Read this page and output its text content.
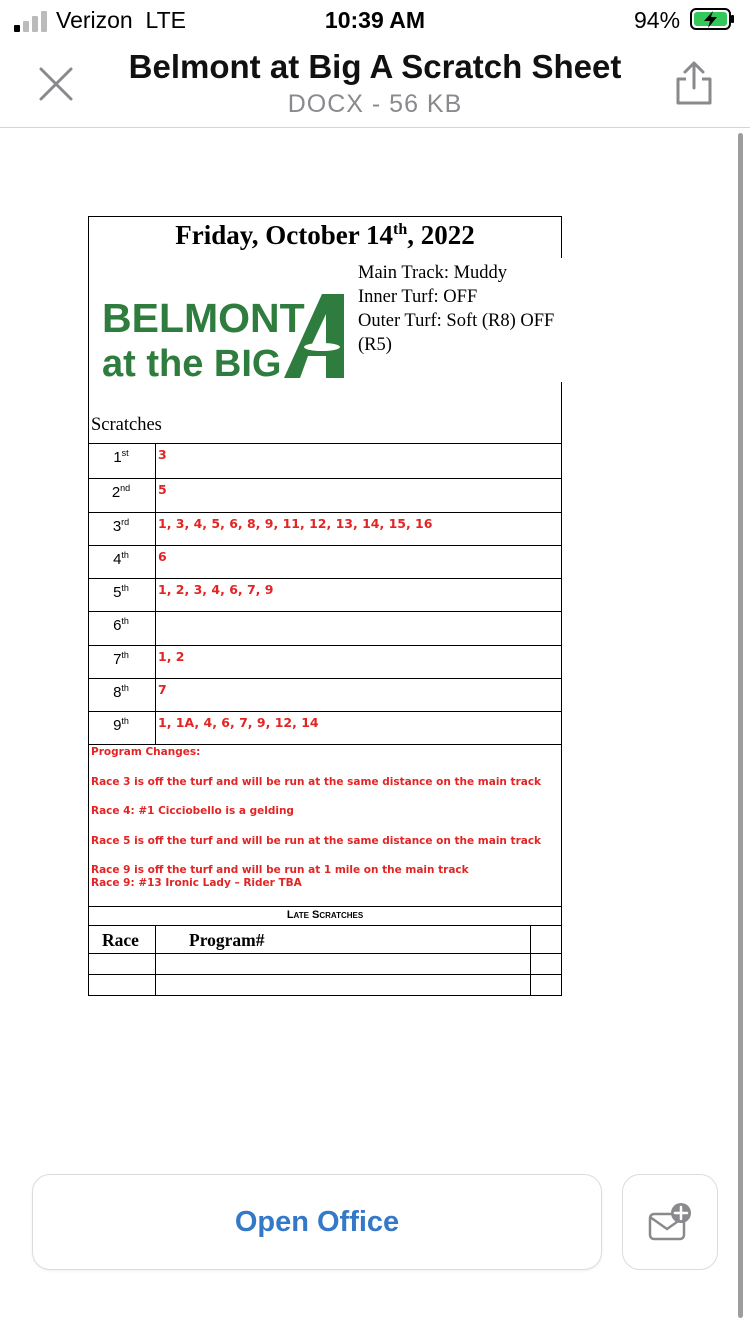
Verizon  LTE	10:39 AM	94%
Belmont at Big A Scratch Sheet
DOCX - 56 KB
Friday, October 14th, 2022
Main Track: Muddy
Inner Turf: OFF
Outer Turf: Soft (R8) OFF (R5)
BELMONT
at the BIG
Scratches
1st	3
2nd	5
3rd	1, 3, 4, 5, 6, 8, 9, 11, 12, 13, 14, 15, 16
4th	6
5th	1, 2, 3, 4, 6, 7, 9
6th
7th	1, 2
8th	7
9th	1, 1A, 4, 6, 7, 9, 12, 14
Program Changes:
Race 3 is off the turf and will be run at the same distance on the main track
Race 4: #1 Cicciobello is a gelding
Race 5 is off the turf and will be run at the same distance on the main track
Race 9 is off the turf and will be run at 1 mile on the main track
Race 9: #13 Ironic Lady – Rider TBA
Late Scratches
Race	Program#
Open Office
